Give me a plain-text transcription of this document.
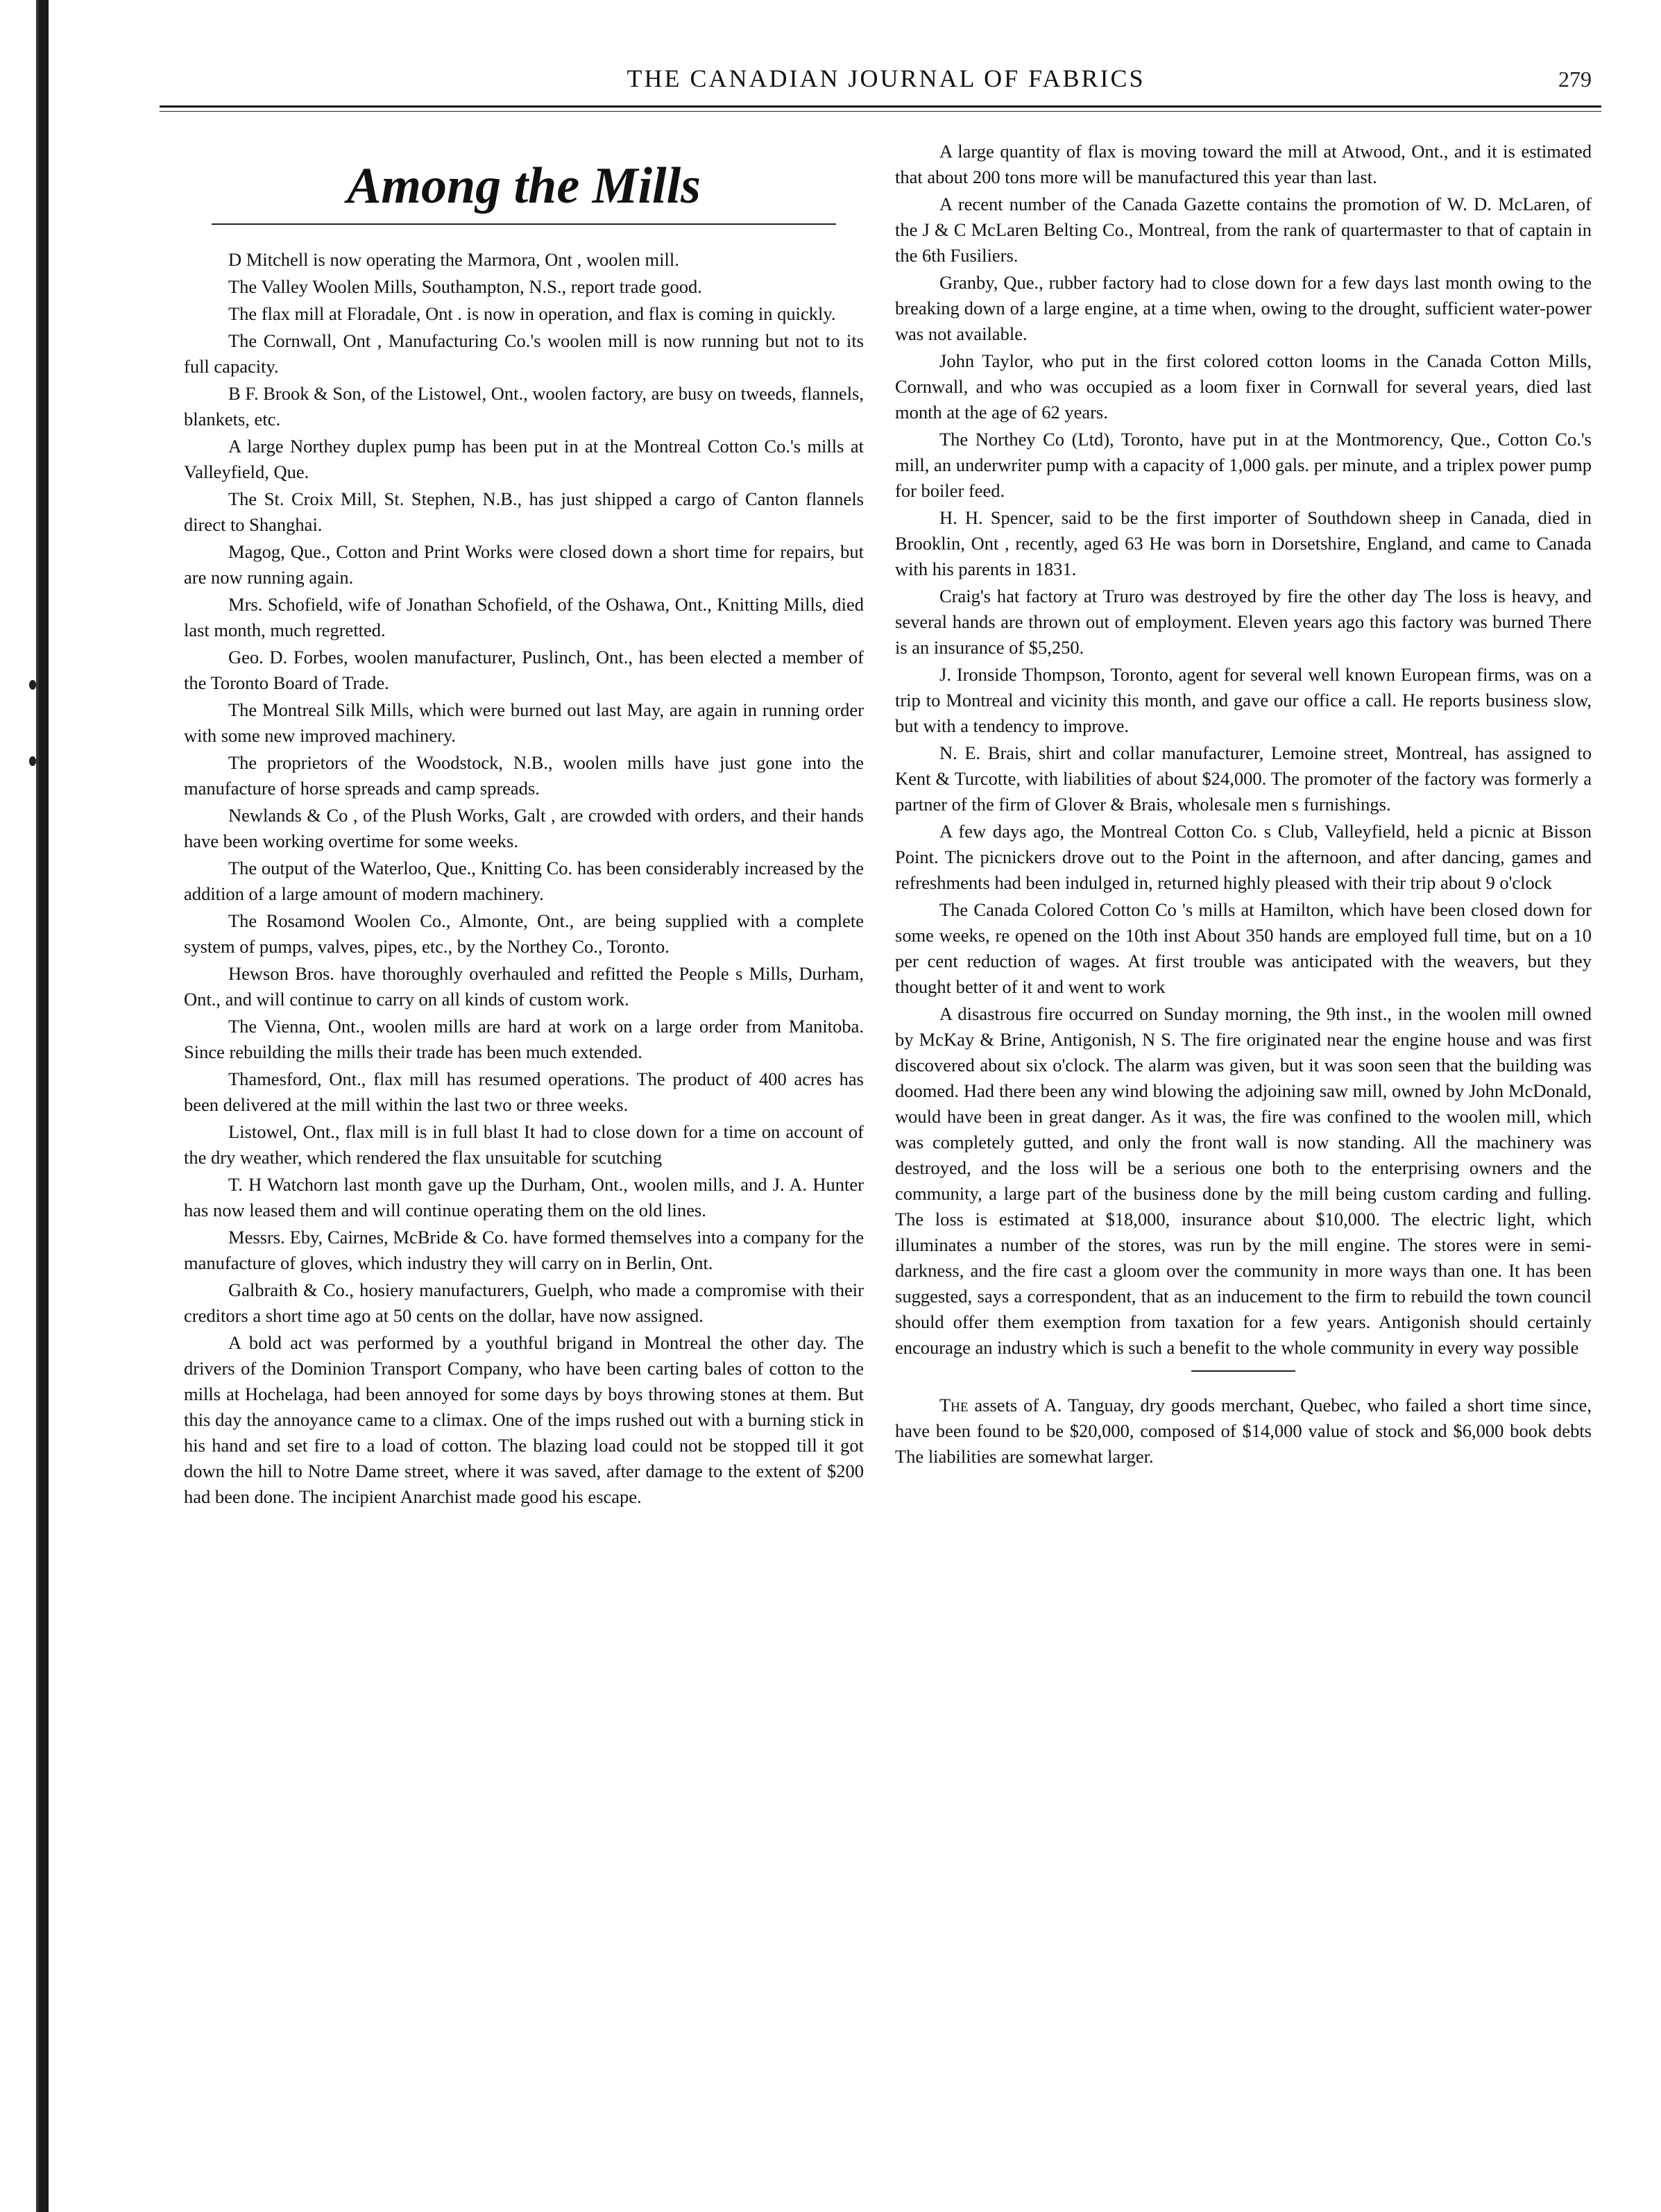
THE CANADIAN JOURNAL OF FABRICS	279
Among the Mills

D Mitchell is now operating the Marmora, Ont , woolen mill.

The Valley Woolen Mills, Southampton, N.S., report trade good.

The flax mill at Floradale, Ont . is now in operation, and flax is coming in quickly.

The Cornwall, Ont , Manufacturing Co.'s woolen mill is now running but not to its full capacity.

B F. Brook & Son, of the Listowel, Ont., woolen factory, are busy on tweeds, flannels, blankets, etc.

A large Northey duplex pump has been put in at the Montreal Cotton Co.'s mills at Valleyfield, Que.

The St. Croix Mill, St. Stephen, N.B., has just shipped a cargo of Canton flannels direct to Shanghai.

Magog, Que., Cotton and Print Works were closed down a short time for repairs, but are now running again.

Mrs. Schofield, wife of Jonathan Schofield, of the Oshawa, Ont., Knitting Mills, died last month, much regretted.

Geo. D. Forbes, woolen manufacturer, Puslinch, Ont., has been elected a member of the Toronto Board of Trade.

The Montreal Silk Mills, which were burned out last May, are again in running order with some new improved machinery.

The proprietors of the Woodstock, N.B., woolen mills have just gone into the manufacture of horse spreads and camp spreads.

Newlands & Co , of the Plush Works, Galt , are crowded with orders, and their hands have been working overtime for some weeks.

The output of the Waterloo, Que., Knitting Co. has been considerably increased by the addition of a large amount of modern machinery.

The Rosamond Woolen Co., Almonte, Ont., are being supplied with a complete system of pumps, valves, pipes, etc., by the Northey Co., Toronto.

Hewson Bros. have thoroughly overhauled and refitted the People s Mills, Durham, Ont., and will continue to carry on all kinds of custom work.

The Vienna, Ont., woolen mills are hard at work on a large order from Manitoba. Since rebuilding the mills their trade has been much extended.

Thamesford, Ont., flax mill has resumed operations. The product of 400 acres has been delivered at the mill within the last two or three weeks.

Listowel, Ont., flax mill is in full blast It had to close down for a time on account of the dry weather, which rendered the flax unsuitable for scutching

T. H Watchorn last month gave up the Durham, Ont., woolen mills, and J. A. Hunter has now leased them and will continue operating them on the old lines.

Messrs. Eby, Cairnes, McBride & Co. have formed themselves into a company for the manufacture of gloves, which industry they will carry on in Berlin, Ont.

Galbraith & Co., hosiery manufacturers, Guelph, who made a compromise with their creditors a short time ago at 50 cents on the dollar, have now assigned.

A bold act was performed by a youthful brigand in Montreal the other day. The drivers of the Dominion Transport Company, who have been carting bales of cotton to the mills at Hochelaga, had been annoyed for some days by boys throwing stones at them. But this day the annoyance came to a climax. One of the imps rushed out with a burning stick in his hand and set fire to a load of cotton. The blazing load could not be stopped till it got down the hill to Notre Dame street, where it was saved, after damage to the extent of $200 had been done. The incipient Anarchist made good his escape.

A large quantity of flax is moving toward the mill at Atwood, Ont., and it is estimated that about 200 tons more will be manufactured this year than last.

A recent number of the Canada Gazette contains the promotion of W. D. McLaren, of the J & C McLaren Belting Co., Montreal, from the rank of quartermaster to that of captain in the 6th Fusiliers.

Granby, Que., rubber factory had to close down for a few days last month owing to the breaking down of a large engine, at a time when, owing to the drought, sufficient water-power was not available.

John Taylor, who put in the first colored cotton looms in the Canada Cotton Mills, Cornwall, and who was occupied as a loom fixer in Cornwall for several years, died last month at the age of 62 years.

The Northey Co (Ltd), Toronto, have put in at the Montmorency, Que., Cotton Co.'s mill, an underwriter pump with a capacity of 1,000 gals. per minute, and a triplex power pump for boiler feed.

H. H. Spencer, said to be the first importer of Southdown sheep in Canada, died in Brooklin, Ont , recently, aged 63 He was born in Dorsetshire, England, and came to Canada with his parents in 1831.

Craig's hat factory at Truro was destroyed by fire the other day The loss is heavy, and several hands are thrown out of employment. Eleven years ago this factory was burned There is an insurance of $5,250.

J. Ironside Thompson, Toronto, agent for several well known European firms, was on a trip to Montreal and vicinity this month, and gave our office a call. He reports business slow, but with a tendency to improve.

N. E. Brais, shirt and collar manufacturer, Lemoine street, Montreal, has assigned to Kent & Turcotte, with liabilities of about $24,000. The promoter of the factory was formerly a partner of the firm of Glover & Brais, wholesale men s furnishings.

A few days ago, the Montreal Cotton Co. s Club, Valleyfield, held a picnic at Bisson Point. The picnickers drove out to the Point in the afternoon, and after dancing, games and refreshments had been indulged in, returned highly pleased with their trip about 9 o'clock

The Canada Colored Cotton Co 's mills at Hamilton, which have been closed down for some weeks, re opened on the 10th inst About 350 hands are employed full time, but on a 10 per cent reduction of wages. At first trouble was anticipated with the weavers, but they thought better of it and went to work

A disastrous fire occurred on Sunday morning, the 9th inst., in the woolen mill owned by McKay & Brine, Antigonish, N S. The fire originated near the engine house and was first discovered about six o'clock. The alarm was given, but it was soon seen that the building was doomed. Had there been any wind blowing the adjoining saw mill, owned by John McDonald, would have been in great danger. As it was, the fire was confined to the woolen mill, which was completely gutted, and only the front wall is now standing. All the machinery was destroyed, and the loss will be a serious one both to the enterprising owners and the community, a large part of the business done by the mill being custom carding and fulling. The loss is estimated at $18,000, insurance about $10,000. The electric light, which illuminates a number of the stores, was run by the mill engine. The stores were in semi-darkness, and the fire cast a gloom over the community in more ways than one. It has been suggested, says a correspondent, that as an inducement to the firm to rebuild the town council should offer them exemption from taxation for a few years. Antigonish should certainly encourage an industry which is such a benefit to the whole community in every way possible

The assets of A. Tanguay, dry goods merchant, Quebec, who failed a short time since, have been found to be $20,000, composed of $14,000 value of stock and $6,000 book debts The liabilities are somewhat larger.
